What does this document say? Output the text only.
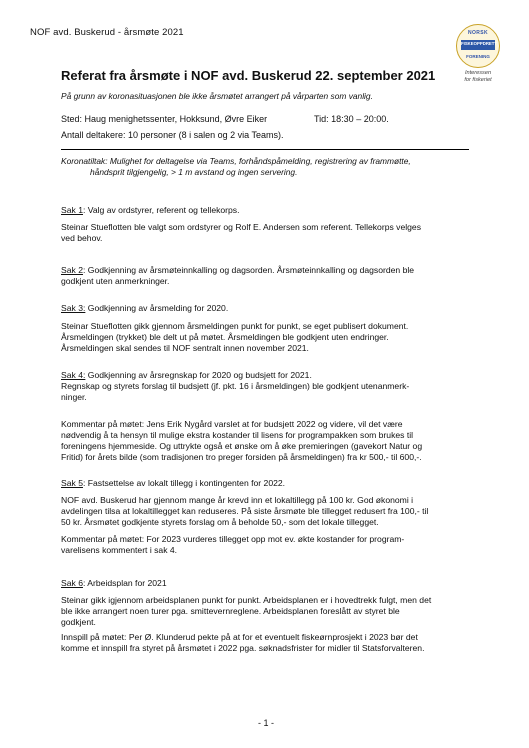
NOF avd. Buskerud - årsmøte 2021	NORSK
FISKEOPPDRETT
FORENING
Interessen
for fiskeriet
Referat fra årsmøte i NOF avd. Buskerud 22. september 2021
På grunn av koronasituasjonen ble ikke årsmøtet arrangert på vårparten som vanlig.
Sted: Haug menighetssenter, Hokksund, Øvre Eiker	Tid: 18:30 – 20:00.
Antall deltakere: 10 personer (8 i salen og 2 via Teams).
Koronatiltak: Mulighet for deltagelse via Teams, forhåndspåmelding, registrering av frammøtte,
håndsprit tilgjengelig, > 1 m avstand og ingen servering.
Sak 1: Valg av ordstyrer, referent og tellekorps.
Steinar Stueflotten ble valgt som ordstyrer og Rolf E. Andersen som referent. Tellekorps velges
ved behov.
Sak 2: Godkjenning av årsmøteinnkalling og dagsorden. Årsmøteinnkalling og dagsorden ble
godkjent uten anmerkninger.
Sak 3: Godkjenning av årsmelding for 2020.
Steinar Stueflotten gikk gjennom årsmeldingen punkt for punkt, se eget publisert dokument.
Årsmeldingen (trykket) ble delt ut på møtet. Årsmeldingen ble godkjent uten endringer.
Årsmeldingen skal sendes til NOF sentralt innen november 2021.
Sak 4: Godkjenning av årsregnskap for 2020 og budsjett for 2021.
Regnskap og styrets forslag til budsjett (jf. pkt. 16 i årsmeldingen) ble godkjent utenanmerk-
ninger.
Kommentar på møtet: Jens Erik Nygård varslet at for budsjett 2022 og videre, vil det være
nødvendig å ta hensyn til mulige ekstra kostander til lisens for programpakken som brukes til
foreningens hjemmeside. Og uttrykte også et ønske om å øke premieringen (gavekort Natur og
Fritid) for årets bilde (som tradisjonen tro preger forsiden på årsmeldingen) fra kr 500,- til 600,-.
Sak 5: Fastsettelse av lokalt tillegg i kontingenten for 2022.
NOF avd. Buskerud har gjennom mange år krevd inn et lokaltillegg på 100 kr. God økonomi i
avdelingen tilsa at lokaltillegget kan reduseres. På siste årsmøte ble tillegget redusert fra 100,- til
50 kr. Årsmøtet godkjente styrets forslag om å beholde 50,- som det lokale tillegget.
Kommentar på møtet: For 2023 vurderes tillegget opp mot ev. økte kostander for program-
varelisens kommentert i sak 4.
Sak 6: Arbeidsplan for 2021
Steinar gikk igjennom arbeidsplanen punkt for punkt. Arbeidsplanen er i hovedtrekk fulgt, men det
ble ikke arrangert noen turer pga. smittevernreglene. Arbeidsplanen foreslått av styret ble
godkjent.
Innspill på møtet: Per Ø. Klunderud pekte på at for et eventuelt fiskeørnprosjekt i 2023 bør det
komme et innspill fra styret på årsmøtet i 2022 pga. søknadsfrister for midler til Statsforvalteren.
- 1 -
